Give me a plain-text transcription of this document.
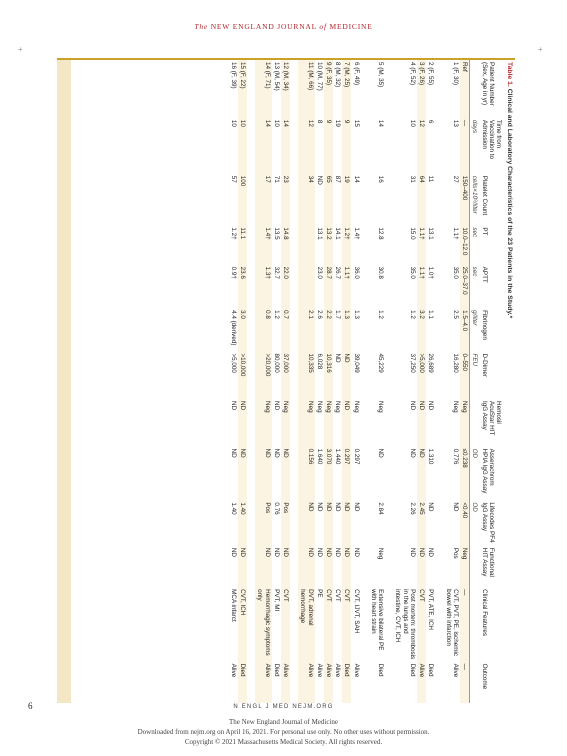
The NEW ENGLAND JOURNAL of MEDICINE
+	+
Table 1. Clinical and Laboratory Characteristics of the 23 Patients in the Study.*
Patient Number (Sex, Age in yr)	Time from Vaccination to Admission	Platelet Count	PT	APTT	Fibrinogen	D-Dimer	Hemosil AcuStar HIT IgG Assay	Asserachrom HPIA IgG Assay	Lifecodes PF4 IgG Assay	Functional HIT Assay	Clinical Features	Outcome
	days	cells×10⁹/liter	sec	sec	g/liter	FEU		OD	OD			
Ref	—	150–400	10.0–12.0	25.0–37.0	1.5–4.0	0–550	Neg	≤0.238	<0.40	Neg	—	—
1 (F, 30)	13	27	1.1†	35.0	2.5	16,280	Neg	0.776	ND	Pos	CVT, PVT, PE, ischemic bowel with infarction	Alive

2 (F, 55)	6	11	13.1	1.0†	1.1	26,689	ND	1.310	ND	ND	PVT, ATE, ICH	Died
3 (F, 26)	12	64	1.1†	1.1†	3.2	>5,000	ND	ND	2.45	ND	CVT	Alive
4 (F, 52)	10	31	15.0	35.0	1.2	37,250	ND	ND	2.26	ND	Post mortem: thrombosis in the lungs and intestine, CVT, ICH	Died

5 (M, 35)	14	16	12.8	30.8	1.2	45,229	Neg	ND	2.84	Neg	Extensive bilateral PE with heart strain	Died

6 (F, 49)	15	14	1.4†	36.0	1.3	39,049	Neg	0.297	ND	ND	CVT, IJVT, SAH	Alive
7 (M, 25)	9	19	1.2†	1.1†	1.3	ND	ND	0.297	ND	ND	CVT	Died
8 (M, 32)	19	87	14.1	26.7	1.7	ND	Neg	1.440	ND	ND	CVT	Alive
9 (F, 35)	9	65	13.2	28.7	2.2	10,316	Neg	3.070	ND	ND	CVT	Alive
10 (M, 77)	8	ND	13.1	23.0	2.6	6,028	Neg	1.640	ND	ND	PE	Alive
11 (M, 66)	12	34			2.1	10,335	Neg	0.156	ND	ND	DVT, adrenal hemorrhage	Alive

12 (M, 34)	14	23	14.8	22.0	0.7	37,000	Neg	ND	Pos	ND	CVT	Alive
13 (M, 54)	10	71	13.5	32.7	1.2	80,000	ND	ND	0.76	ND	PVT, MI	Died
14 (F, 71)	14	17	1.4†	1.3†	0.8	>20,000	Neg	ND	Pos	ND	Hemorrhagic symptoms only	Alive

15 (F, 22)	10	100	11.1	23.6	3.0	>10,000	ND	ND	1.40	ND	CVT, ICH	Died
16 (F, 39)	10	57	1.2†	0.9†	4.4 (derived)	>5,000	ND	ND	1.40	ND	MCA infarct	Alive
6	N ENGL J MED NEJM.ORG
The New England Journal of Medicine
Downloaded from nejm.org on April 16, 2021. For personal use only. No other uses without permission.
Copyright © 2021 Massachusetts Medical Society. All rights reserved.
